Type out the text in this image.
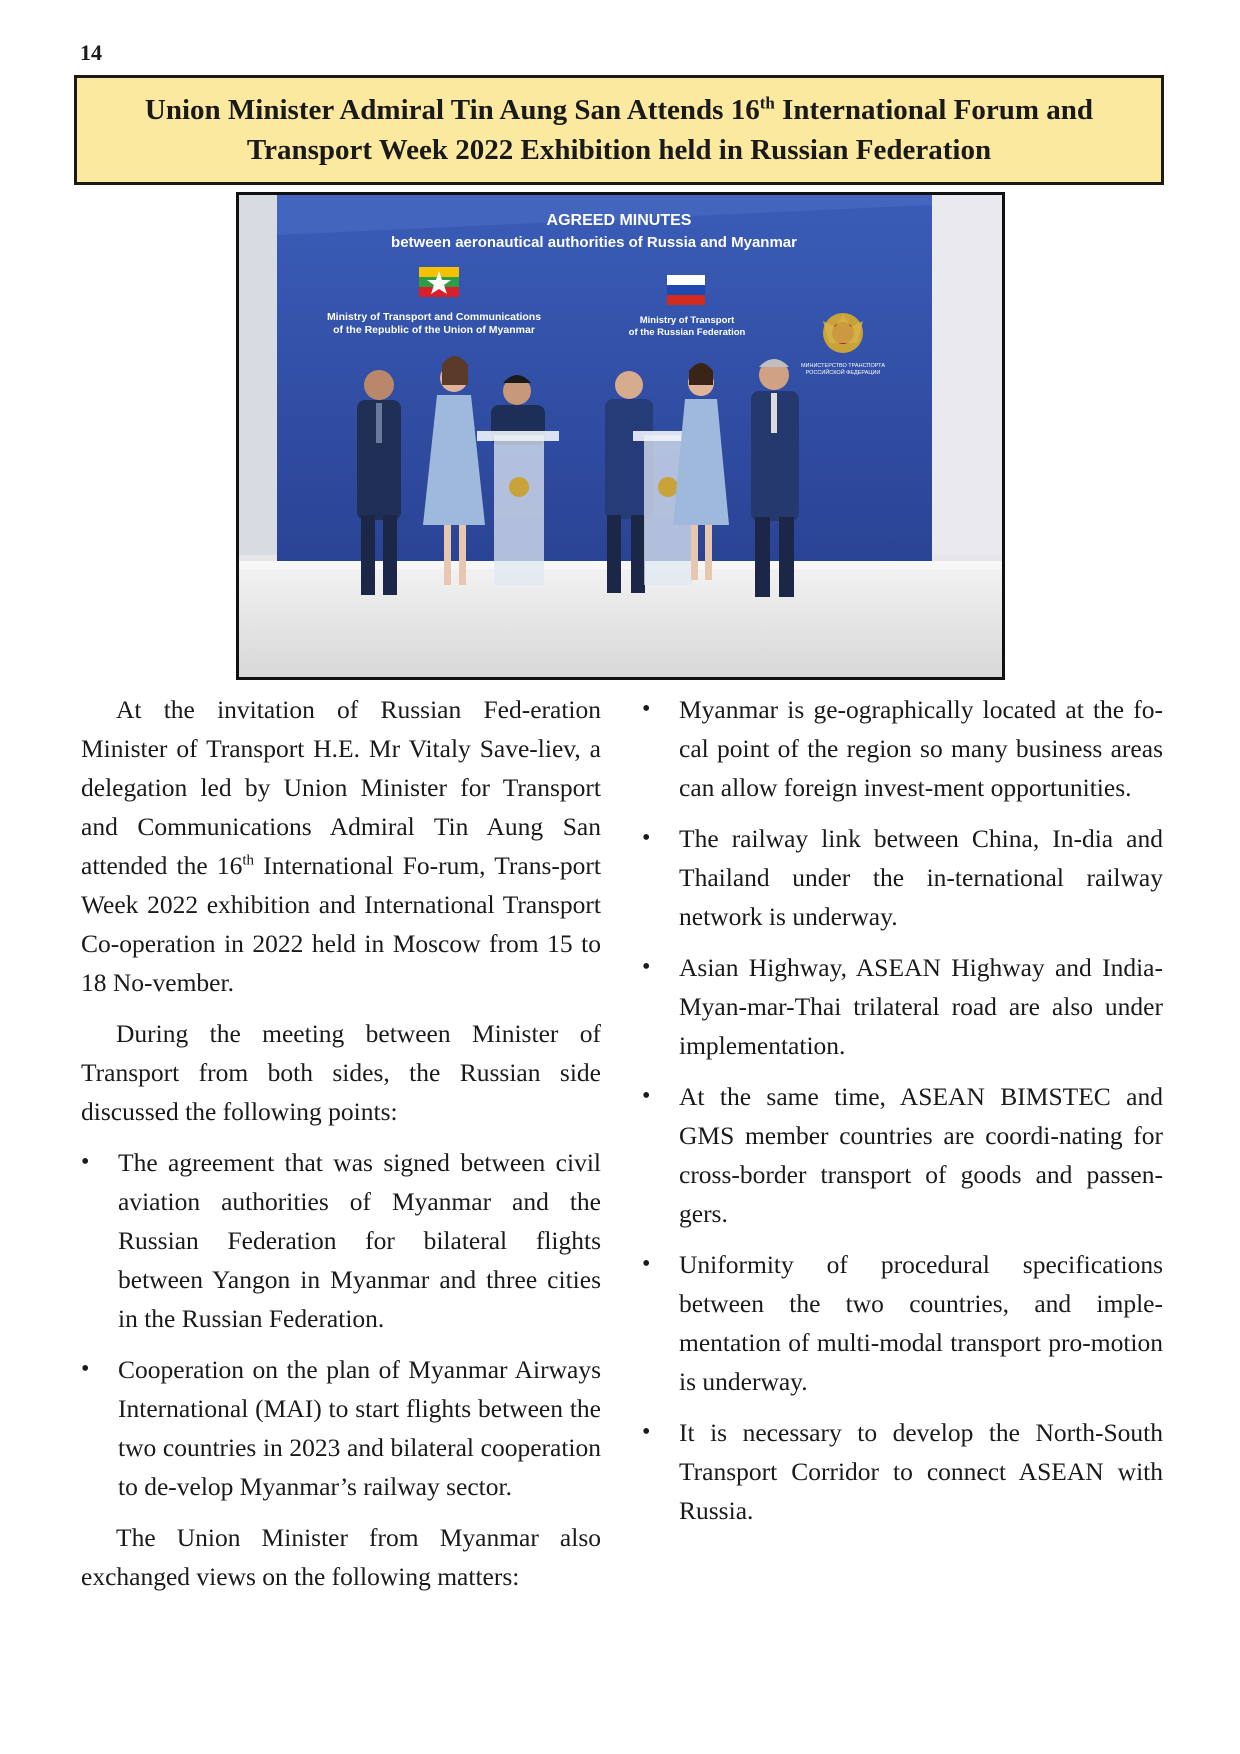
14
Union Minister Admiral Tin Aung San Attends 16th International Forum and
Transport Week 2022 Exhibition held in Russian Federation
AGREED MINUTES
between aeronautical authorities of Russia and Myanmar
Ministry of Transport and Communications
of the Republic of the Union of Myanmar
Ministry of Transport
of the Russian Federation
МИНИСТЕРСТВО ТРАНСПОРТА
РОССИЙСКОЙ ФЕДЕРАЦИИ

At the invitation of Russian Fed-eration Minister of Transport H.E. Mr Vitaly Save-liev, a delegation led by Union Minister for Transport and Communications Admiral Tin Aung San attended the 16th International Fo-rum, Trans-port Week 2022 exhibition and International Transport Co-operation in 2022 held in Moscow from 15 to 18 No-vember.

During the meeting between Minister of Transport from both sides, the Russian side discussed the following points:

• The agreement that was signed between civil aviation authorities of Myanmar and the Russian Federation for bilateral flights between Yangon in Myanmar and three cities in the Russian Federation.
• Cooperation on the plan of Myanmar Airways International (MAI) to start flights between the two countries in 2023 and bilateral cooperation to de-velop Myanmar’s railway sector.

The Union Minister from Myanmar also exchanged views on the following matters:

• Myanmar is ge-ographically located at the fo-cal point of the region so many business areas can allow foreign invest-ment opportunities.
• The railway link between China, In-dia and Thailand under the in-ternational railway network is underway.
• Asian Highway, ASEAN Highway and India-Myan-mar-Thai trilateral road are also under implementation.
• At the same time, ASEAN BIMSTEC and GMS member countries are coordi-nating for cross-border transport of goods and passen-gers.
• Uniformity of procedural specifications between the two countries, and imple-mentation of multi-modal transport pro-motion is underway.
• It is necessary to develop the North-South Transport Corridor to connect ASEAN with Russia.
